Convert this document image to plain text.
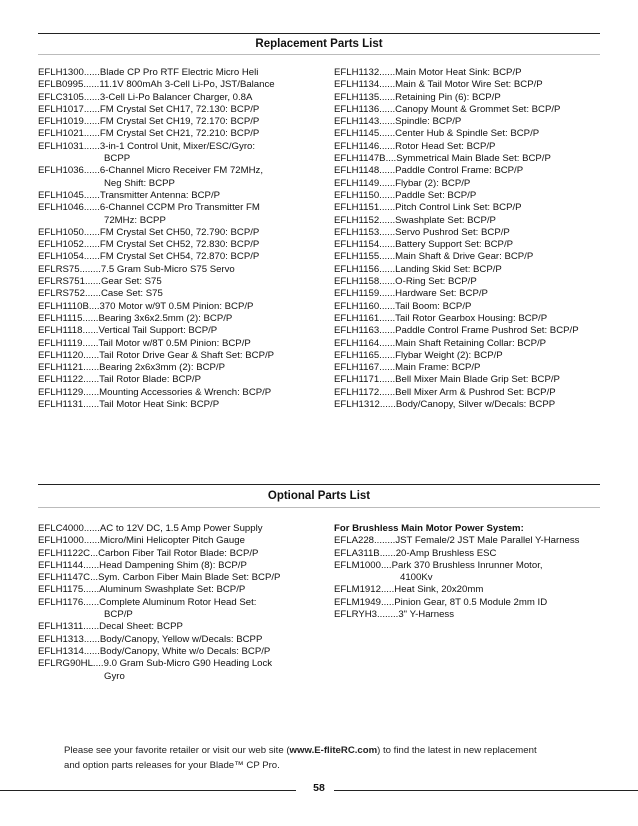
Replacement Parts List
EFLH1300 ...... Blade CP Pro RTF Electric Micro Heli
EFLB0995 ...... 11.1V 800mAh 3-Cell Li-Po, JST/Balance
EFLC3105 ...... 3-Cell Li-Po Balancer Charger, 0.8A
EFLH1017 ...... FM Crystal Set CH17, 72.130: BCP/P
EFLH1019 ...... FM Crystal Set CH19, 72.170: BCP/P
EFLH1021 ...... FM Crystal Set CH21, 72.210: BCP/P
EFLH1031 ...... 3-in-1 Control Unit, Mixer/ESC/Gyro:
BCPP
EFLH1036 ...... 6-Channel Micro Receiver FM 72MHz,
Neg Shift: BCPP
EFLH1045 ...... Transmitter Antenna: BCP/P
EFLH1046 ...... 6-Channel CCPM Pro Transmitter FM
72MHz: BCPP
EFLH1050 ...... FM Crystal Set CH50, 72.790: BCP/P
EFLH1052 ...... FM Crystal Set CH52, 72.830: BCP/P
EFLH1054 ...... FM Crystal Set CH54, 72.870: BCP/P
EFLRS75 ........ 7.5 Gram Sub-Micro S75 Servo
EFLRS751 ...... Gear Set: S75
EFLRS752 ...... Case Set: S75
EFLH1110B .... 370 Motor w/9T 0.5M Pinion: BCP/P
EFLH1115 ...... Bearing 3x6x2.5mm (2): BCP/P
EFLH1118 ...... Vertical Tail Support: BCP/P
EFLH1119 ...... Tail Motor w/8T 0.5M Pinion: BCP/P
EFLH1120 ...... Tail Rotor Drive Gear & Shaft Set: BCP/P
EFLH1121 ...... Bearing 2x6x3mm (2): BCP/P
EFLH1122 ...... Tail Rotor Blade: BCP/P
EFLH1129 ...... Mounting Accessories & Wrench: BCP/P
EFLH1131 ...... Tail Motor Heat Sink: BCP/P
EFLH1132 ...... Main Motor Heat Sink: BCP/P
EFLH1134 ...... Main & Tail Motor Wire Set: BCP/P
EFLH1135 ...... Retaining Pin (6): BCP/P
EFLH1136 ...... Canopy Mount & Grommet Set: BCP/P
EFLH1143 ...... Spindle: BCP/P
EFLH1145 ...... Center Hub & Spindle Set: BCP/P
EFLH1146 ...... Rotor Head Set: BCP/P
EFLH1147B .... Symmetrical Main Blade Set: BCP/P
EFLH1148 ...... Paddle Control Frame: BCP/P
EFLH1149 ...... Flybar (2): BCP/P
EFLH1150 ...... Paddle Set: BCP/P
EFLH1151 ...... Pitch Control Link Set: BCP/P
EFLH1152 ...... Swashplate Set: BCP/P
EFLH1153 ...... Servo Pushrod Set: BCP/P
EFLH1154 ...... Battery Support Set: BCP/P
EFLH1155 ...... Main Shaft & Drive Gear: BCP/P
EFLH1156 ...... Landing Skid Set: BCP/P
EFLH1158 ...... O-Ring Set: BCP/P
EFLH1159 ...... Hardware Set: BCP/P
EFLH1160 ...... Tail Boom: BCP/P
EFLH1161 ...... Tail Rotor Gearbox Housing: BCP/P
EFLH1163 ...... Paddle Control Frame Pushrod Set: BCP/P
EFLH1164 ...... Main Shaft Retaining Collar: BCP/P
EFLH1165 ...... Flybar Weight (2): BCP/P
EFLH1167 ...... Main Frame: BCP/P
EFLH1171 ...... Bell Mixer Main Blade Grip Set: BCP/P
EFLH1172 ...... Bell Mixer Arm & Pushrod Set: BCP/P
EFLH1312 ...... Body/Canopy, Silver w/Decals: BCPP
Optional Parts List
EFLC4000 ...... AC to 12V DC, 1.5 Amp Power Supply
EFLH1000 ...... Micro/Mini Helicopter Pitch Gauge
EFLH1122C ... Carbon Fiber Tail Rotor Blade: BCP/P
EFLH1144 ...... Head Dampening Shim (8): BCP/P
EFLH1147C ... Sym. Carbon Fiber Main Blade Set: BCP/P
EFLH1175 ...... Aluminum Swashplate Set: BCP/P
EFLH1176 ...... Complete Aluminum Rotor Head Set:
BCP/P
EFLH1311 ...... Decal Sheet: BCPP
EFLH1313 ...... Body/Canopy, Yellow w/Decals: BCPP
EFLH1314 ...... Body/Canopy, White w/o Decals: BCP/P
EFLRG90HL .... 9.0 Gram Sub-Micro G90 Heading Lock
Gyro
For Brushless Main Motor Power System:
EFLA228 ........ JST Female/2 JST Male Parallel Y-Harness
EFLA311B ...... 20-Amp Brushless ESC
EFLM1000 .... Park 370 Brushless Inrunner Motor,
4100Kv
EFLM1912 ..... Heat Sink, 20x20mm
EFLM1949 ..... Pinion Gear, 8T 0.5 Module 2mm ID
EFLRYH3 ........ 3" Y-Harness
Please see your favorite retailer or visit our web site (www.E-fliteRC.com) to find the latest in new replacement
and option parts releases for your Blade™ CP Pro.
58
